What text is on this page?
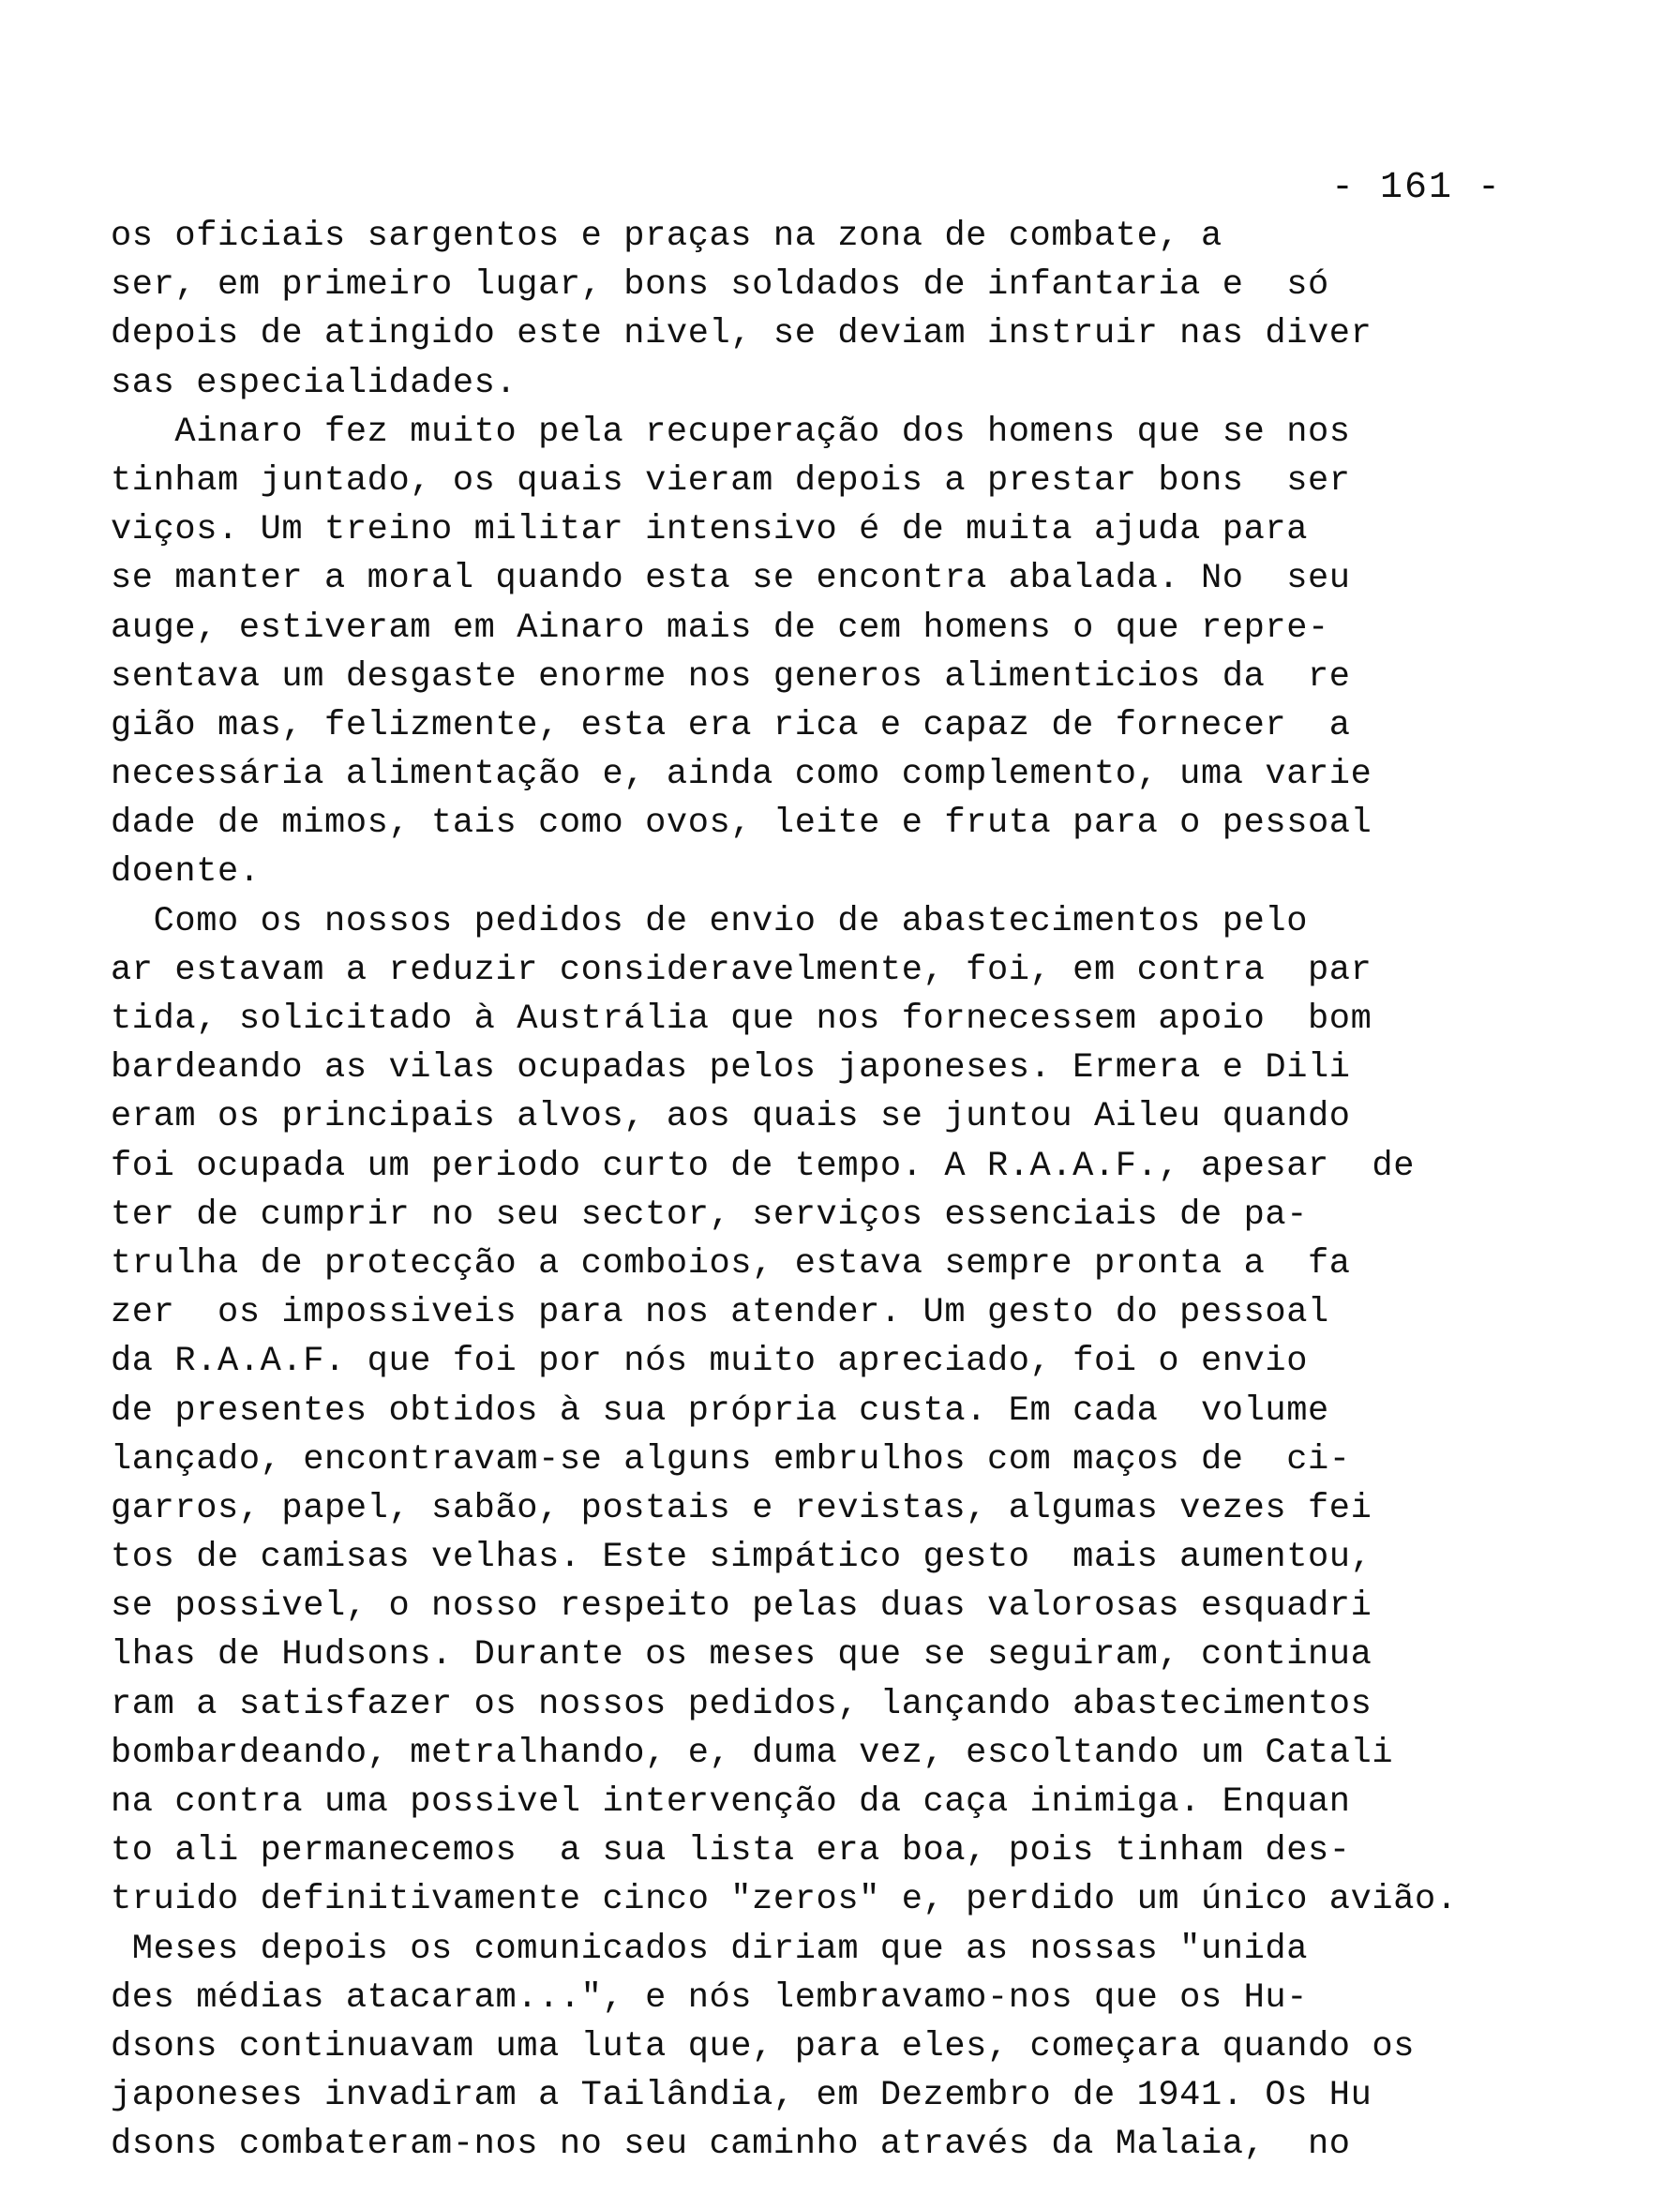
- 161 -
os oficiais sargentos e praças na zona de combate, a
ser, em primeiro lugar, bons soldados de infantaria e  só
depois de atingido este nivel, se deviam instruir nas diver
sas especialidades.
Ainaro fez muito pela recuperação dos homens que se nos
tinham juntado, os quais vieram depois a prestar bons  ser
viços. Um treino militar intensivo é de muita ajuda para
se manter a moral quando esta se encontra abalada. No  seu
auge, estiveram em Ainaro mais de cem homens o que repre-
sentava um desgaste enorme nos generos alimenticios da  re
gião mas, felizmente, esta era rica e capaz de fornecer  a
necessária alimentação e, ainda como complemento, uma varie
dade de mimos, tais como ovos, leite e fruta para o pessoal
doente.
Como os nossos pedidos de envio de abastecimentos pelo
ar estavam a reduzir consideravelmente, foi, em contra  par
tida, solicitado à Austrália que nos fornecessem apoio  bom
bardeando as vilas ocupadas pelos japoneses. Ermera e Dili
eram os principais alvos, aos quais se juntou Aileu quando
foi ocupada um periodo curto de tempo. A R.A.A.F., apesar  de
ter de cumprir no seu sector, serviços essenciais de pa-
trulha de protecção a comboios, estava sempre pronta a  fa
zer  os impossiveis para nos atender. Um gesto do pessoal
da R.A.A.F. que foi por nós muito apreciado, foi o envio
de presentes obtidos à sua própria custa. Em cada  volume
lançado, encontravam-se alguns embrulhos com maços de  ci-
garros, papel, sabão, postais e revistas, algumas vezes fei
tos de camisas velhas. Este simpático gesto  mais aumentou,
se possivel, o nosso respeito pelas duas valorosas esquadri
lhas de Hudsons. Durante os meses que se seguiram, continua
ram a satisfazer os nossos pedidos, lançando abastecimentos
bombardeando, metralhando, e, duma vez, escoltando um Catali
na contra uma possivel intervenção da caça inimiga. Enquan
to ali permanecemos  a sua lista era boa, pois tinham des-
truido definitivamente cinco "zeros" e, perdido um único avião.
Meses depois os comunicados diriam que as nossas "unida
des médias atacaram...", e nós lembravamo-nos que os Hu-
dsons continuavam uma luta que, para eles, começara quando os
japoneses invadiram a Tailândia, em Dezembro de 1941. Os Hu
dsons combateram-nos no seu caminho através da Malaia,  no
